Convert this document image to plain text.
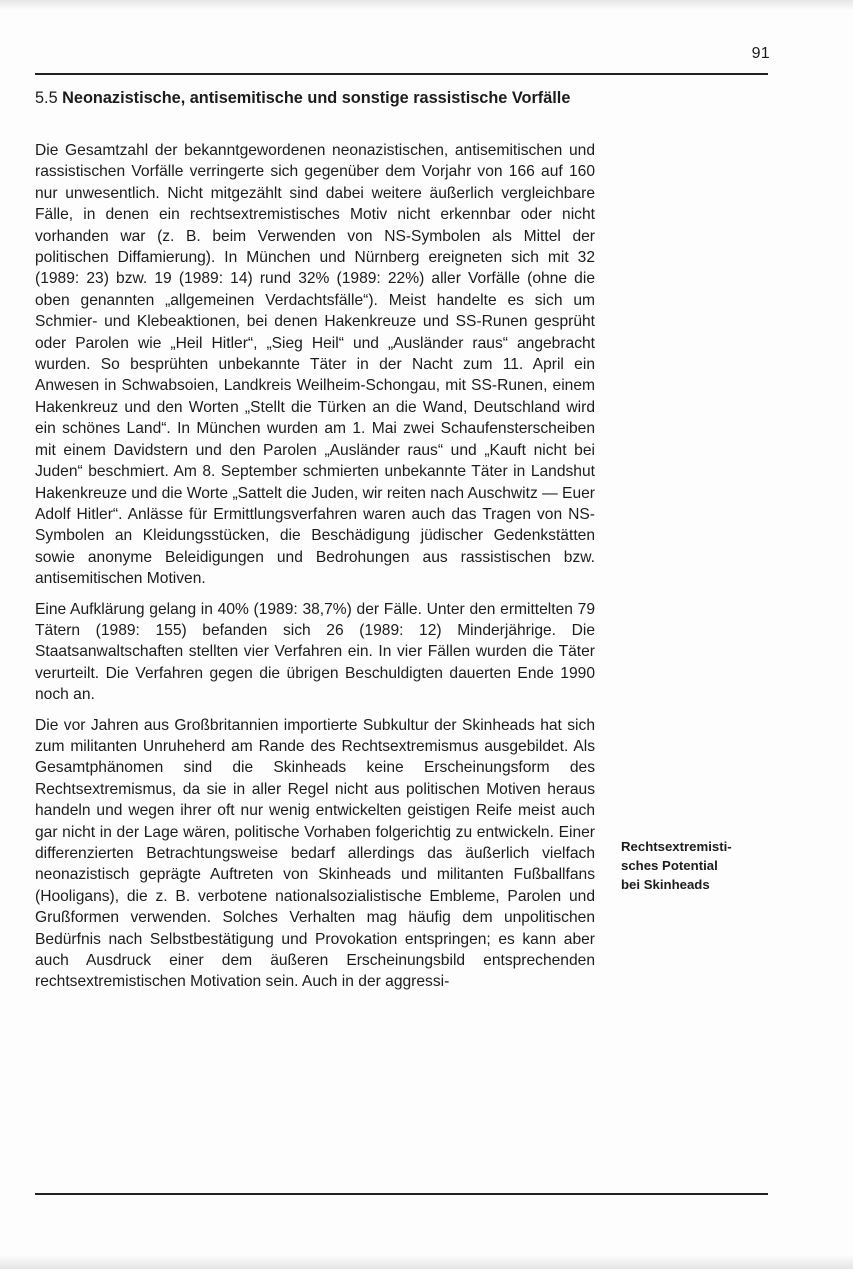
91
5.5 Neonazistische, antisemitische und sonstige rassistische Vorfälle

Die Gesamtzahl der bekanntgewordenen neonazistischen, antisemitischen und rassistischen Vorfälle verringerte sich gegenüber dem Vorjahr von 166 auf 160 nur unwesentlich. Nicht mitgezählt sind dabei weitere äußerlich vergleichbare Fälle, in denen ein rechtsextremistisches Motiv nicht erkennbar oder nicht vorhanden war (z. B. beim Verwenden von NS-Symbolen als Mittel der politischen Diffamierung). In München und Nürnberg ereigneten sich mit 32 (1989: 23) bzw. 19 (1989: 14) rund 32% (1989: 22%) aller Vorfälle (ohne die oben genannten „allgemeinen Verdachtsfälle“). Meist handelte es sich um Schmier- und Klebeaktionen, bei denen Hakenkreuze und SS-Runen gesprüht oder Parolen wie „Heil Hitler“, „Sieg Heil“ und „Ausländer raus“ angebracht wurden. So besprühten unbekannte Täter in der Nacht zum 11. April ein Anwesen in Schwabsoien, Landkreis Weilheim-Schongau, mit SS-Runen, einem Hakenkreuz und den Worten „Stellt die Türken an die Wand, Deutschland wird ein schönes Land“. In München wurden am 1. Mai zwei Schaufensterscheiben mit einem Davidstern und den Parolen „Ausländer raus“ und „Kauft nicht bei Juden“ beschmiert. Am 8. September schmierten unbekannte Täter in Landshut Hakenkreuze und die Worte „Sattelt die Juden, wir reiten nach Auschwitz — Euer Adolf Hitler“. Anlässe für Ermittlungsverfahren waren auch das Tragen von NS-Symbolen an Kleidungsstücken, die Beschädigung jüdischer Gedenkstätten sowie anonyme Beleidigungen und Bedrohungen aus rassistischen bzw. antisemitischen Motiven.

Eine Aufklärung gelang in 40% (1989: 38,7%) der Fälle. Unter den ermittelten 79 Tätern (1989: 155) befanden sich 26 (1989: 12) Minderjährige. Die Staatsanwaltschaften stellten vier Verfahren ein. In vier Fällen wurden die Täter verurteilt. Die Verfahren gegen die übrigen Beschuldigten dauerten Ende 1990 noch an.

Die vor Jahren aus Großbritannien importierte Subkultur der Skinheads hat sich zum militanten Unruheherd am Rande des Rechtsextremismus ausgebildet. Als Gesamtphänomen sind die Skinheads keine Erscheinungsform des Rechtsextremismus, da sie in aller Regel nicht aus politischen Motiven heraus handeln und wegen ihrer oft nur wenig entwickelten geistigen Reife meist auch gar nicht in der Lage wären, politische Vorhaben folgerichtig zu entwickeln. Einer differenzierten Betrachtungsweise bedarf allerdings das äußerlich vielfach neonazistisch geprägte Auftreten von Skinheads und militanten Fußballfans (Hooligans), die z. B. verbotene nationalsozialistische Embleme, Parolen und Grußformen verwenden. Solches Verhalten mag häufig dem unpolitischen Bedürfnis nach Selbstbestätigung und Provokation entspringen; es kann aber auch Ausdruck einer dem äußeren Erscheinungsbild entsprechenden rechtsextremistischen Motivation sein. Auch in der aggressi-

Rechtsextremisti-
sches Potential
bei Skinheads
